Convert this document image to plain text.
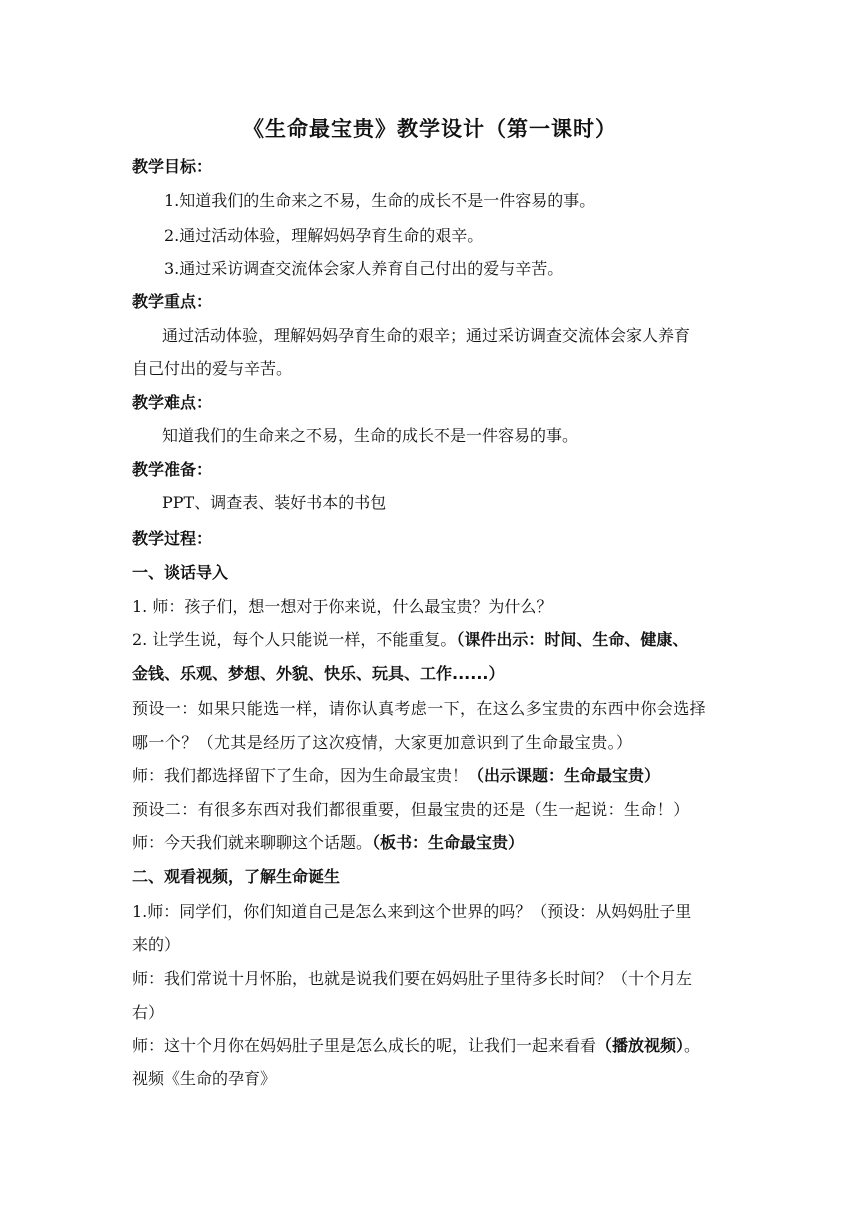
《生命最宝贵》教学设计（第一课时）
教学目标：
1.知道我们的生命来之不易，生命的成长不是一件容易的事。
2.通过活动体验，理解妈妈孕育生命的艰辛。
3.通过采访调查交流体会家人养育自己付出的爱与辛苦。
教学重点：
通过活动体验，理解妈妈孕育生命的艰辛；通过采访调查交流体会家人养育
自己付出的爱与辛苦。
教学难点：
知道我们的生命来之不易，生命的成长不是一件容易的事。
教学准备：
PPT、调查表、装好书本的书包
教学过程：
一、谈话导入
1. 师：孩子们，想一想对于你来说，什么最宝贵？为什么？
2. 让学生说，每个人只能说一样，不能重复。（课件出示：时间、生命、健康、
金钱、乐观、梦想、外貌、快乐、玩具、工作......）
预设一：如果只能选一样，请你认真考虑一下，在这么多宝贵的东西中你会选择
哪一个？（尤其是经历了这次疫情，大家更加意识到了生命最宝贵。）
师：我们都选择留下了生命，因为生命最宝贵！（出示课题：生命最宝贵）
预设二：有很多东西对我们都很重要，但最宝贵的还是（生一起说：生命！）
师：今天我们就来聊聊这个话题。（板书：生命最宝贵）
二、观看视频，了解生命诞生
1.师：同学们，你们知道自己是怎么来到这个世界的吗？（预设：从妈妈肚子里
来的）
师：我们常说十月怀胎，也就是说我们要在妈妈肚子里待多长时间？（十个月左
右）
师：这十个月你在妈妈肚子里是怎么成长的呢，让我们一起来看看（播放视频）。
视频《生命的孕育》
